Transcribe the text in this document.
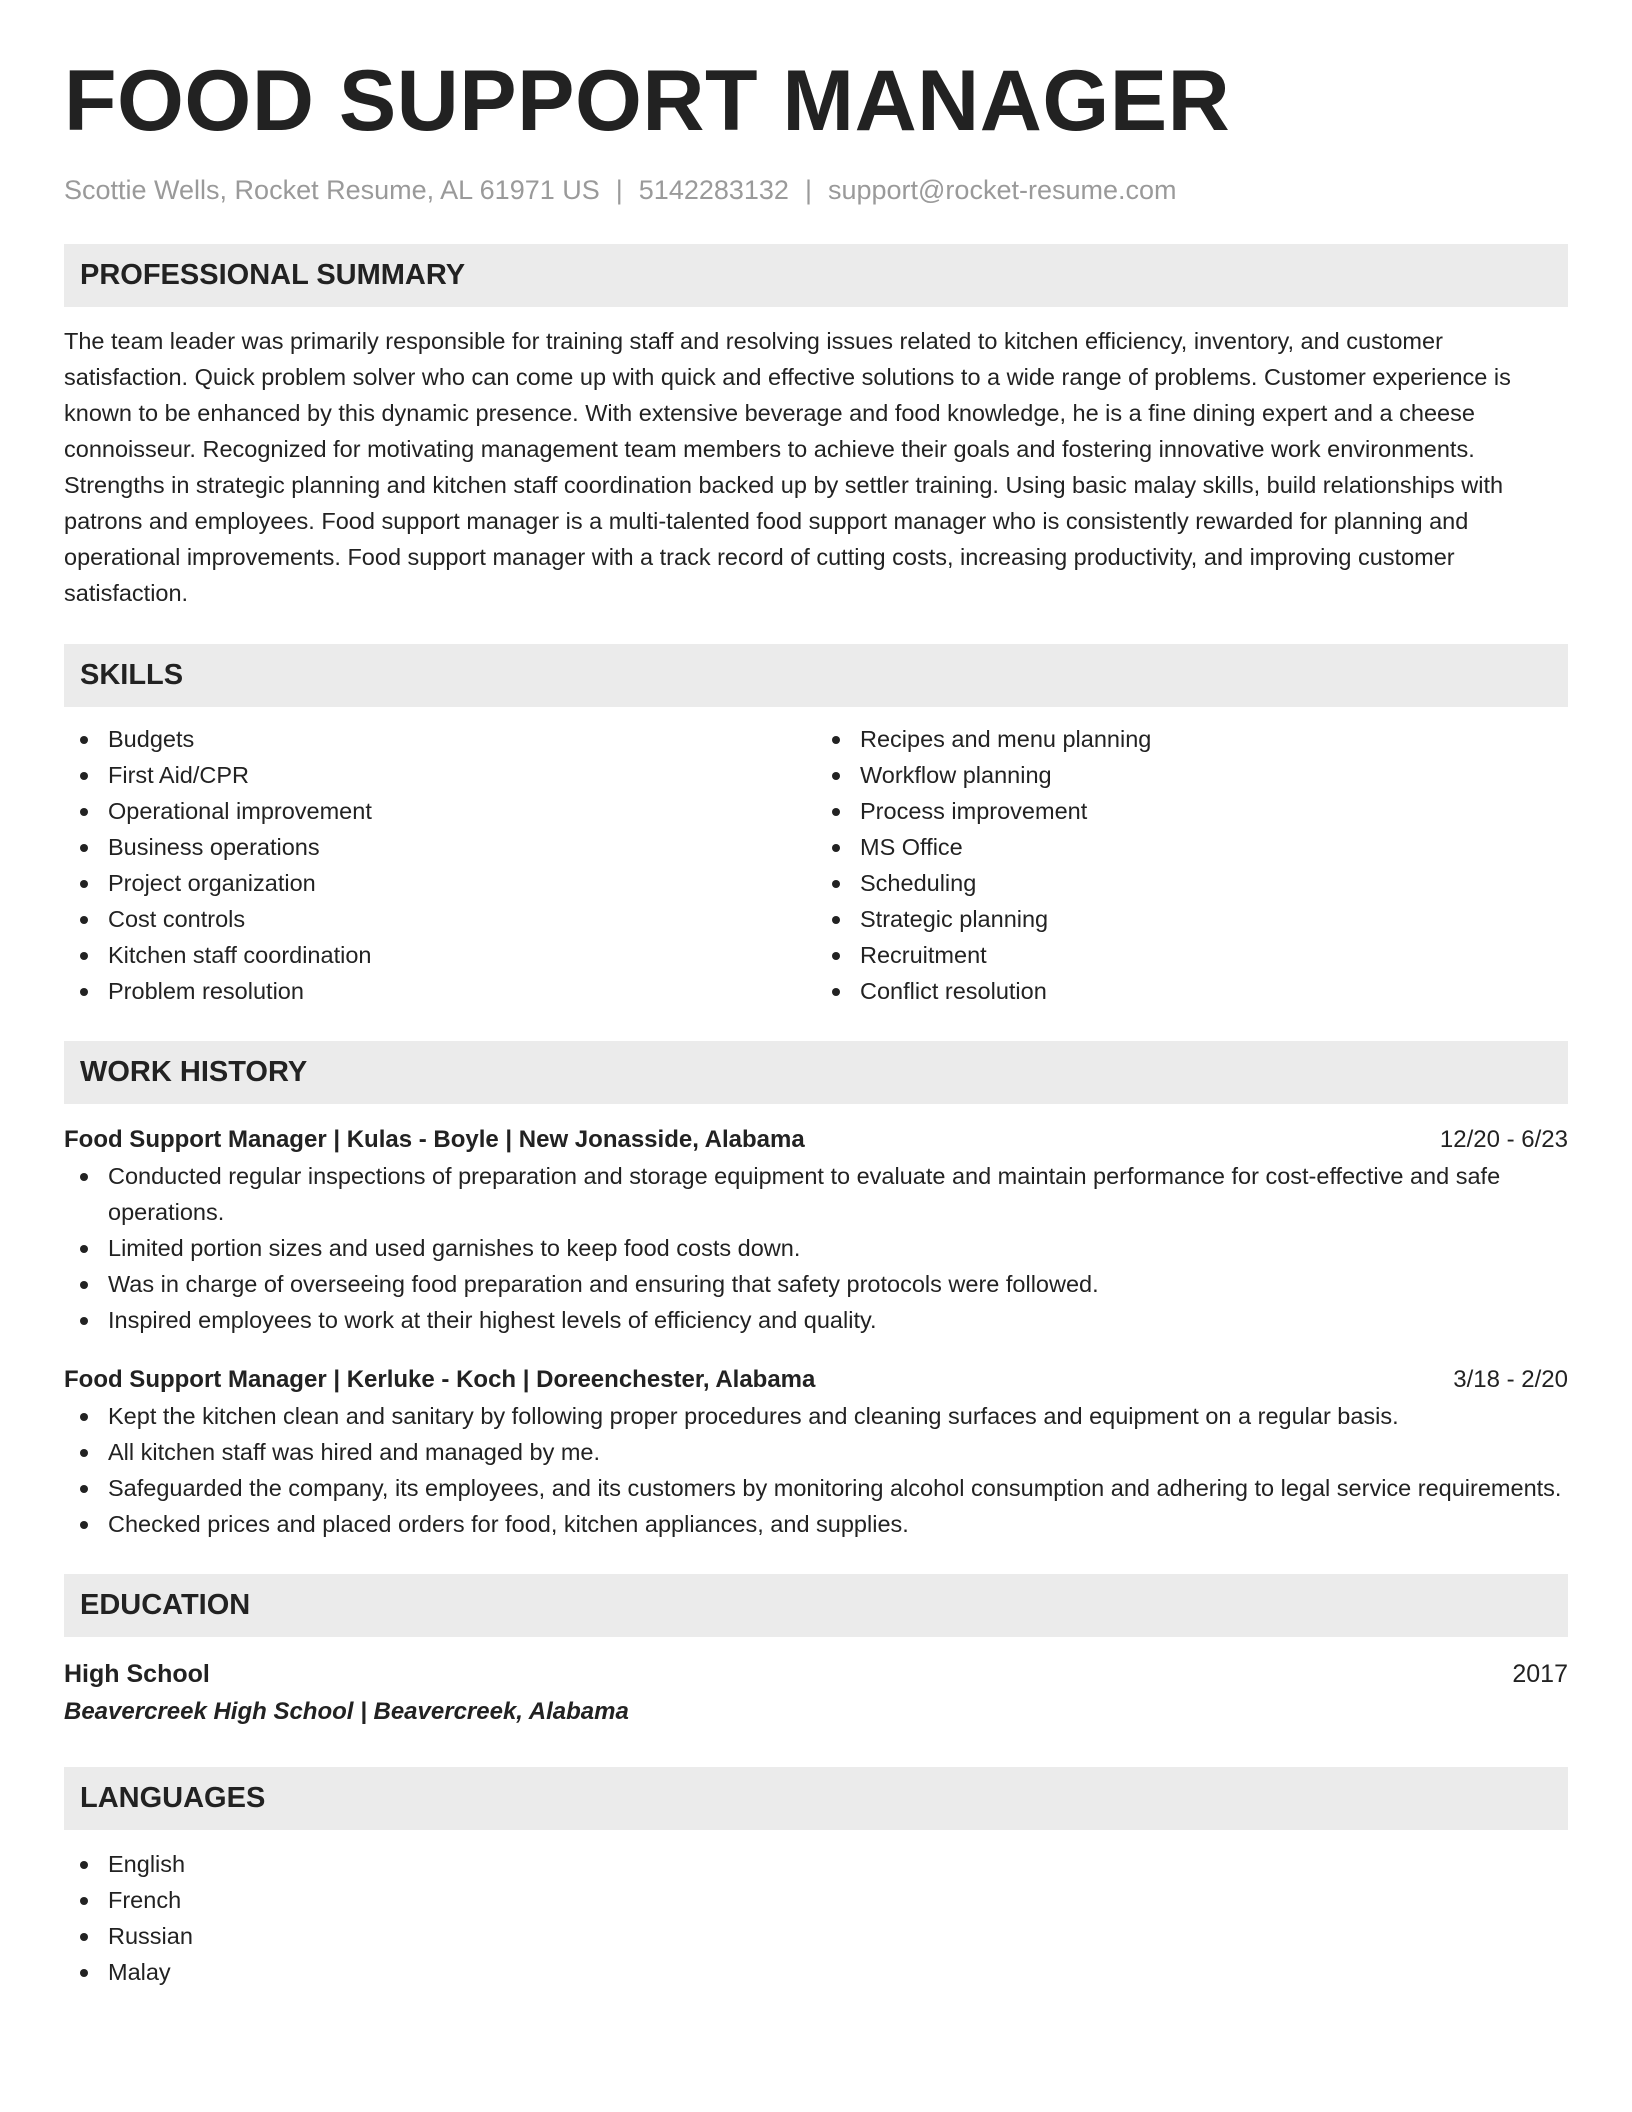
FOOD SUPPORT MANAGER
Scottie Wells, Rocket Resume, AL 61971 US | 5142283132 | support@rocket-resume.com
PROFESSIONAL SUMMARY
The team leader was primarily responsible for training staff and resolving issues related to kitchen efficiency, inventory, and customer satisfaction. Quick problem solver who can come up with quick and effective solutions to a wide range of problems. Customer experience is known to be enhanced by this dynamic presence. With extensive beverage and food knowledge, he is a fine dining expert and a cheese connoisseur. Recognized for motivating management team members to achieve their goals and fostering innovative work environments. Strengths in strategic planning and kitchen staff coordination backed up by settler training. Using basic malay skills, build relationships with patrons and employees. Food support manager is a multi-talented food support manager who is consistently rewarded for planning and operational improvements. Food support manager with a track record of cutting costs, increasing productivity, and improving customer satisfaction.
SKILLS
Budgets
First Aid/CPR
Operational improvement
Business operations
Project organization
Cost controls
Kitchen staff coordination
Problem resolution
Recipes and menu planning
Workflow planning
Process improvement
MS Office
Scheduling
Strategic planning
Recruitment
Conflict resolution
WORK HISTORY
Food Support Manager | Kulas - Boyle | New Jonasside, Alabama	12/20 - 6/23
Conducted regular inspections of preparation and storage equipment to evaluate and maintain performance for cost-effective and safe operations.
Limited portion sizes and used garnishes to keep food costs down.
Was in charge of overseeing food preparation and ensuring that safety protocols were followed.
Inspired employees to work at their highest levels of efficiency and quality.
Food Support Manager | Kerluke - Koch | Doreenchester, Alabama	3/18 - 2/20
Kept the kitchen clean and sanitary by following proper procedures and cleaning surfaces and equipment on a regular basis.
All kitchen staff was hired and managed by me.
Safeguarded the company, its employees, and its customers by monitoring alcohol consumption and adhering to legal service requirements.
Checked prices and placed orders for food, kitchen appliances, and supplies.
EDUCATION
High School	2017
Beavercreek High School | Beavercreek, Alabama
LANGUAGES
English
French
Russian
Malay
